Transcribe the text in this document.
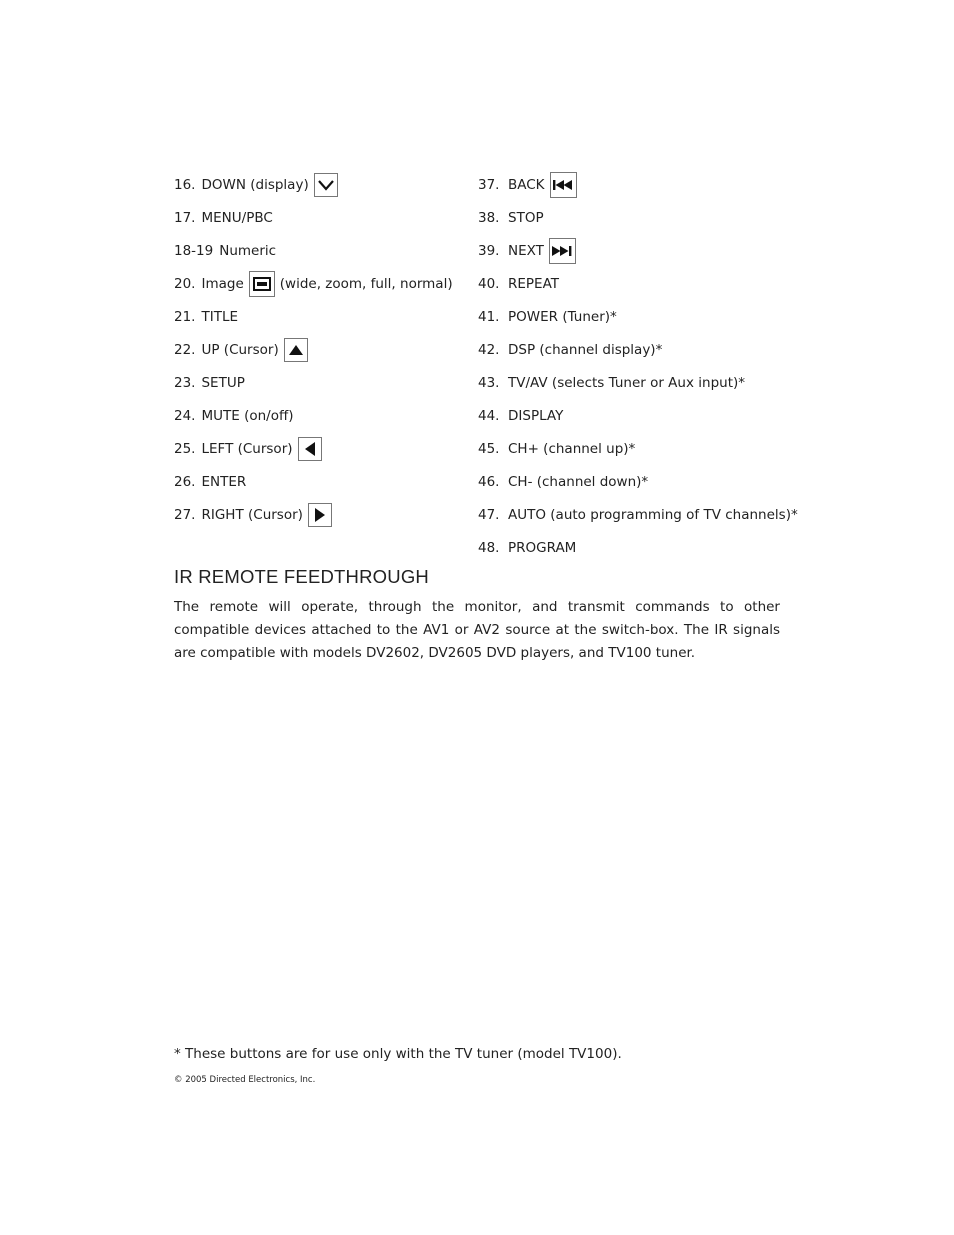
16. DOWN (display)
17. MENU/PBC
18-19 Numeric
20. Image	(wide, zoom, full, normal)
21. TITLE
22. UP (Cursor)
23. SETUP
24. MUTE (on/off)
25. LEFT (Cursor)
26. ENTER
27. RIGHT (Cursor)
37. BACK
38. STOP
39. NEXT
40. REPEAT
41. POWER (Tuner)*
42. DSP (channel display)*
43. TV/AV (selects Tuner or Aux input)*
44. DISPLAY
45. CH+ (channel up)*
46. CH- (channel down)*
47. AUTO (auto programming of TV channels)*
48. PROGRAM
IR REMOTE FEEDTHROUGH
The remote will operate, through the monitor, and transmit commands to other compatible devices attached to the AV1 or AV2 source at the switch-box. The IR signals are compatible with models DV2602, DV2605 DVD players, and TV100 tuner.
* These buttons are for use only with the TV tuner (model TV100).
© 2005 Directed Electronics, Inc.
